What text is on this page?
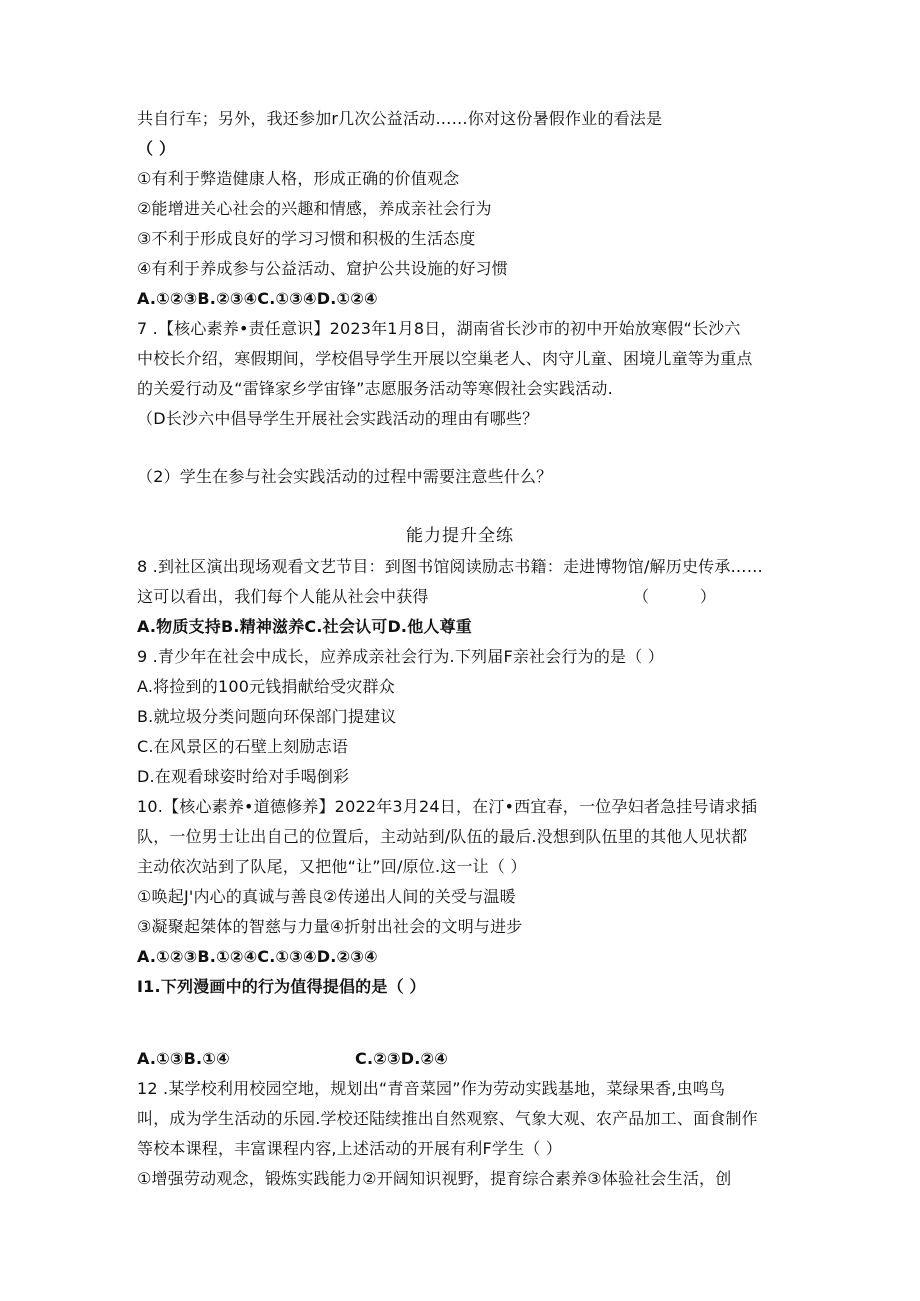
共自行车；另外，我还参加r几次公益活动……你对这份暑假作业的看法是
（ ）
①有利于弊造健康人格，形成正确的价值观念
②能增进关心社会的兴趣和情感，养成亲社会行为
③不利于形成良好的学习习惯和积极的生活态度
④有利于养成参与公益活动、窟护公共设施的好习惯
A.①②③B.②③④C.①③④D.①②④
7 .【核心素养•责任意识】2023年1月8日，湖南省长沙市的初中开始放寒假“长沙六
中校长介绍，寒假期间，学校倡导学生开展以空巢老人、肉守儿童、困境儿童等为重点
的关爱行动及“雷锋家乡学宙锋”志愿服务活动等寒假社会实践活动.
（D长沙六中倡导学生开展社会实践活动的理由有哪些？
（2）学生在参与社会实践活动的过程中需要注意些什么？
能力提升全练
8 .到社区演出现场观看文艺节目：到图书馆阅读励志书籍：走进博物馆/解历史传承……
这可以看出，我们每个人能从社会中获得	（          ）
A.物质支持B.精神滋养C.社会认可D.他人尊重
9 .青少年在社会中成长，应养成亲社会行为.下列届F亲社会行为的是（ ）
A.将捡到的100元钱捐献给受灾群众
B.就垃圾分类问题向环保部门提建议
C.在风景区的石壁上刻励志语
D.在观看球姿时给对手喝倒彩
10.【核心素养•道德修养】2022年3月24日，在汀•西宜春，一位孕妇者急挂号请求插
队，一位男士让出自己的位置后，主动站到/队伍的最后.没想到队伍里的其他人见状都
主动依次站到了队尾，又把他“让”回/原位.这一让（ ）
①唤起J'内心的真诚与善良②传递出人间的关受与温暖
③凝聚起桀体的智慈与力量④折射出社会的文明与进步
A.①②③B.①②④C.①③④D.②③④
I1.下列漫画中的行为值得提倡的是（ ）
A.①③B.①④	C.②③D.②④
12 .某学校利用校园空地，规划出“青音菜园”作为劳动实践基地，菜绿果香,虫鸣鸟
叫，成为学生活动的乐园.学校还陆续推出自然观察、气象大观、农产品加工、面食制作
等校本课程，丰富课程内容,上述活动的开展有利F学生（ ）
①增强劳动观念，锻炼实践能力②开阔知识视野，提育综合素养③体验社会生活，创
